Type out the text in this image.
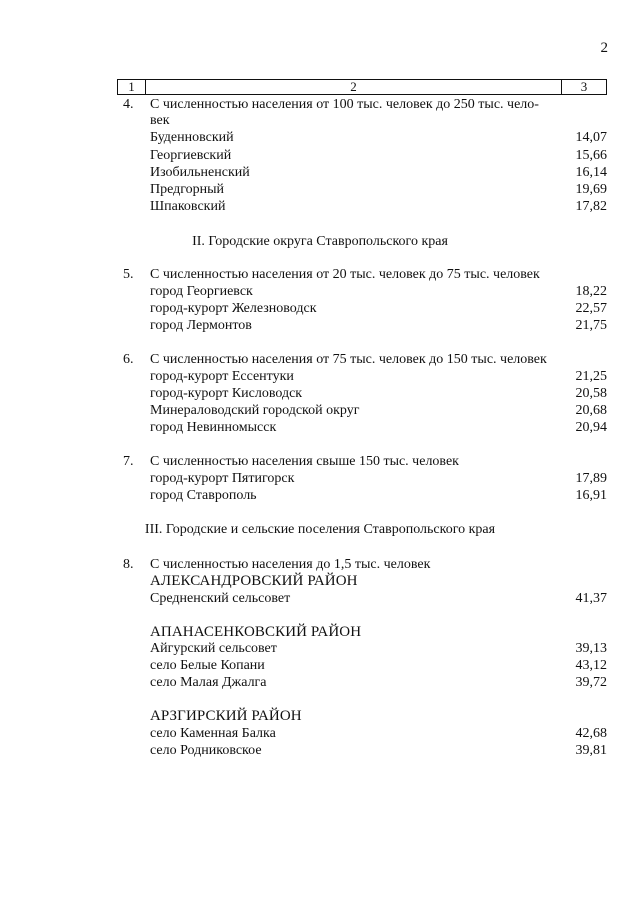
2
1	2	3
4. С численностью населения от 100 тыс. человек до 250 тыс. чело-
век
Буденновский	14,07
Георгиевский	15,66
Изобильненский	16,14
Предгорный	19,69
Шпаковский	17,82
II. Городские округа Ставропольского края
5. С численностью населения от 20 тыс. человек до 75 тыс. человек
город Георгиевск	18,22
город-курорт Железноводск	22,57
город Лермонтов	21,75
6. С численностью населения от 75 тыс. человек до 150 тыс. человек
город-курорт Ессентуки	21,25
город-курорт Кисловодск	20,58
Минераловодский городской округ	20,68
город Невинномысск	20,94
7. С численностью населения свыше 150 тыс. человек
город-курорт Пятигорск	17,89
город Ставрополь	16,91
III. Городские и сельские поселения Ставропольского края
8. С численностью населения до 1,5 тыс. человек
АЛЕКСАНДРОВСКИЙ РАЙОН
Средненский сельсовет	41,37
АПАНАСЕНКОВСКИЙ РАЙОН
Айгурский сельсовет	39,13
село Белые Копани	43,12
село Малая Джалга	39,72
АРЗГИРСКИЙ РАЙОН
село Каменная Балка	42,68
село Родниковское	39,81
